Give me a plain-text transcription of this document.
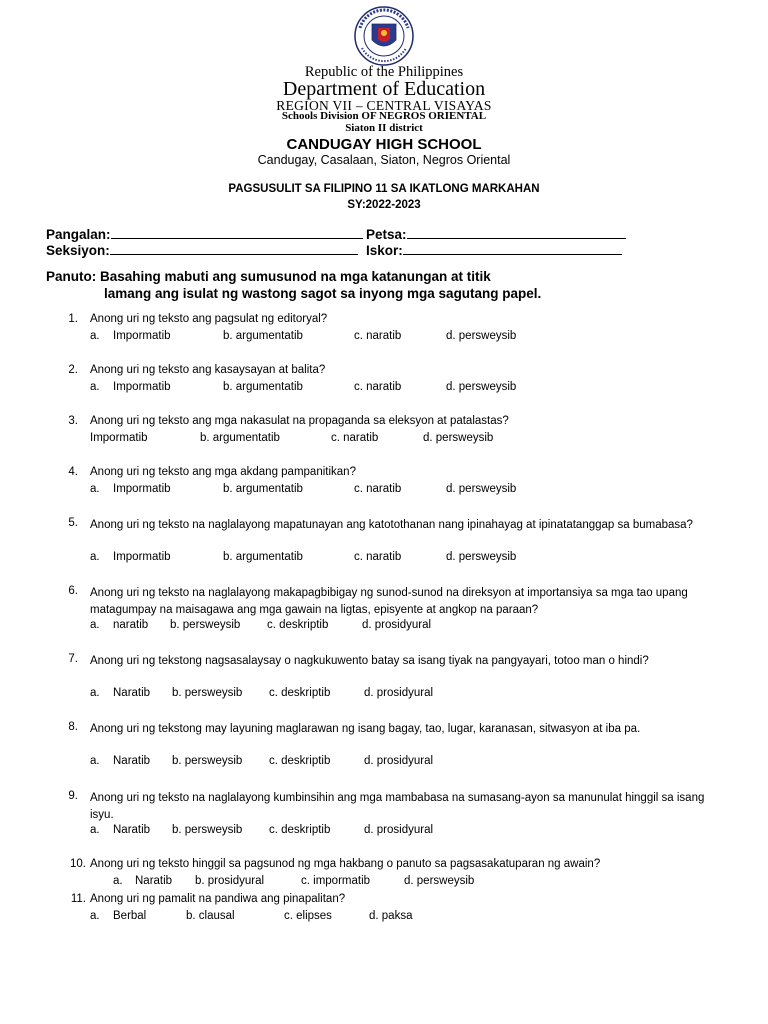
Republic of the Philippines
Department of Education
REGION VII – CENTRAL VISAYAS
Schools Division OF NEGROS ORIENTAL
Siaton II district
CANDUGAY HIGH SCHOOL
Candugay, Casalaan, Siaton, Negros Oriental
PAGSUSULIT SA FILIPINO 11 SA IKATLONG MARKAHAN
SY:2022-2023
Pangalan:	Petsa:
Seksiyon:	Iskor:
Panuto: Basahing mabuti ang sumusunod na mga katanungan at titik
lamang ang isulat ng wastong sagot sa inyong mga sagutang papel.
1. Anong uri ng teksto ang pagsulat ng editoryal?
a. Impormatib	b. argumentatib	c. naratib	d. persweysib
2. Anong uri ng teksto ang kasaysayan at balita?
a. Impormatib	b. argumentatib	c. naratib	d. persweysib
3. Anong uri ng teksto ang mga nakasulat na propaganda sa eleksyon at patalastas?
Impormatib	b. argumentatib	c. naratib	d. persweysib
4. Anong uri ng teksto ang mga akdang pampanitikan?
a. Impormatib	b. argumentatib	c. naratib	d. persweysib
5. Anong uri ng teksto na naglalayong mapatunayan ang katotothanan nang ipinahayag at ipinatatanggap sa bumabasa?
a. Impormatib	b. argumentatib	c. naratib	d. persweysib
6. Anong uri ng teksto na naglalayong makapagbibigay ng sunod-sunod na direksyon at importansiya sa mga tao upang matagumpay na maisagawa ang mga gawain na ligtas, episyente at angkop na paraan?
a. naratib b. persweysib c. deskriptib	d. prosidyural
7. Anong uri ng tekstong nagsasalaysay o nagkukuwento batay sa isang tiyak na pangyayari, totoo man o hindi?
a. Naratib b. persweysib c. deskriptib	d. prosidyural
8. Anong uri ng tekstong may layuning maglarawan ng isang bagay, tao, lugar, karanasan, sitwasyon at iba pa.
a. Naratib b. persweysib c. deskriptib	d. prosidyural
9. Anong uri ng teksto na naglalayong kumbinsihin ang mga mambabasa na sumasang-ayon sa manunulat hinggil sa isang isyu.
a. Naratib b. persweysib c. deskriptib	d. prosidyural
10. Anong uri ng teksto hinggil sa pagsunod ng mga hakbang o panuto sa pagsasakatuparan ng awain?
a. Naratib b. prosidyural	c. impormatib	d. persweysib
11. Anong uri ng pamalit na pandiwa ang pinapalitan?
a. Berbal	b. clausal	c. elipses	d. paksa
